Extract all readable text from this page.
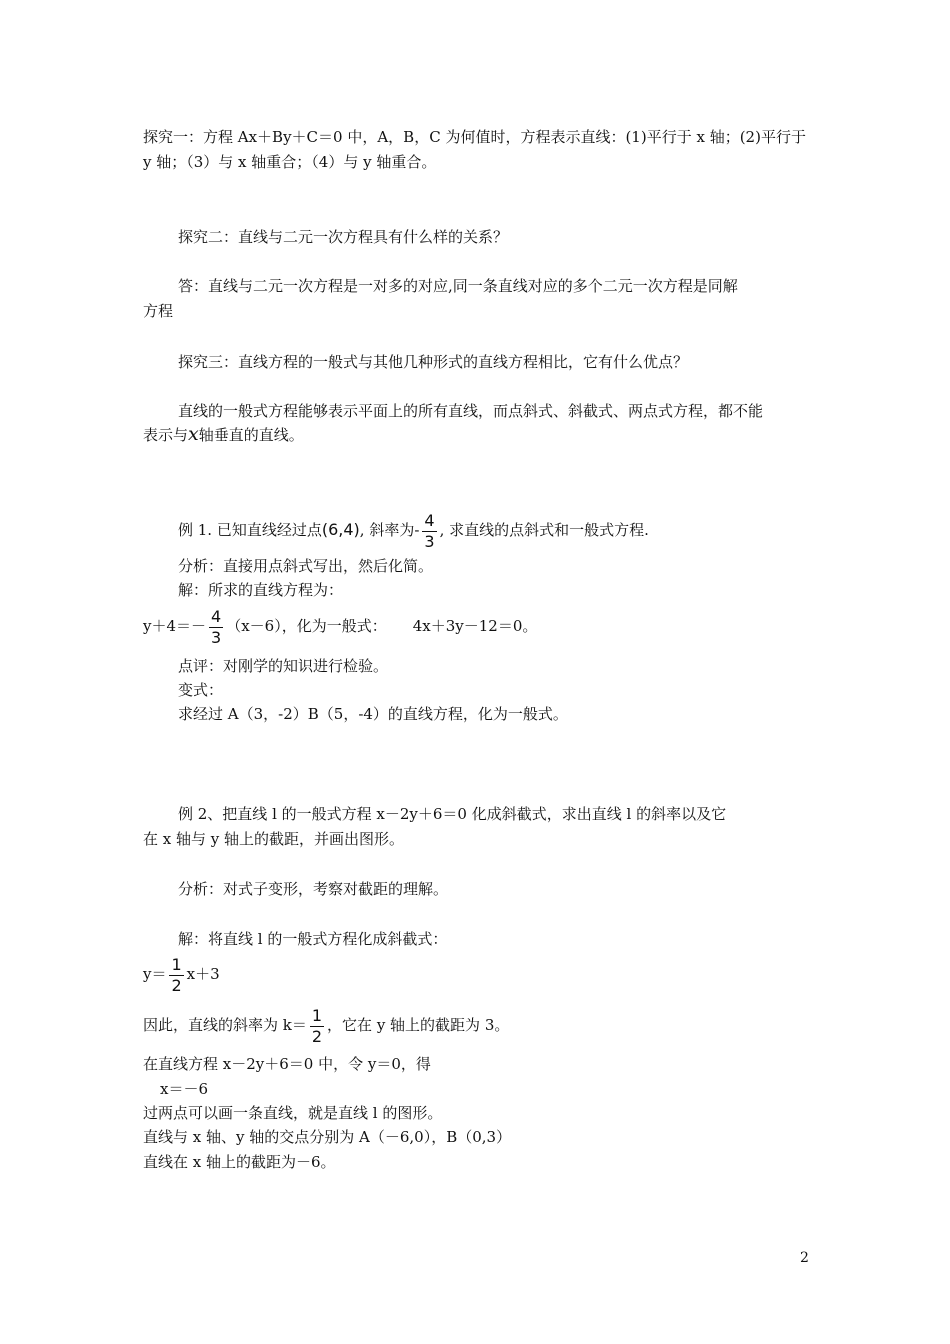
探究一：方程 Ax＋By＋C＝0 中，A，B，C 为何值时，方程表示直线：(1)平行于 x 轴；(2)平行于
y 轴；（3）与 x 轴重合；（4）与 y 轴重合。
探究二：直线与二元一次方程具有什么样的关系？
答：直线与二元一次方程是一对多的对应,同一条直线对应的多个二元一次方程是同解
方程
探究三：直线方程的一般式与其他几种形式的直线方程相比，它有什么优点？
直线的一般式方程能够表示平面上的所有直线，而点斜式、斜截式、两点式方程，都不能
表示与x轴垂直的直线。
例 1. 已知直线经过点(6,4), 斜率为- $\frac{4}{3}$ , 求直线的点斜式和一般式方程.
分析：直接用点斜式写出，然后化简。
解：所求的直线方程为：
$y+4=- \frac{4}{3} (x-6)$，化为一般式： 4x＋3y－12＝0。
点评：对刚学的知识进行检验。
变式：
求经过 A（3，-2）B（5，-4）的直线方程，化为一般式。
例 2、把直线 l 的一般式方程 x－2y＋6＝0 化成斜截式，求出直线 l 的斜率以及它
在 x 轴与 y 轴上的截距，并画出图形。
分析：对式子变形，考察对截距的理解。
解：将直线 l 的一般式方程化成斜截式：
$y= \frac{1}{2} x+3$
因此，直线的斜率为 $k= \frac{1}{2}$ ，它在 y 轴上的截距为 3。
在直线方程 x－2y＋6＝0 中，令 y＝0，得
x＝－6
过两点可以画一条直线，就是直线 l 的图形。
直线与 x 轴、y 轴的交点分别为 A（－6,0），B（0,3）
直线在 x 轴上的截距为－6。
2
